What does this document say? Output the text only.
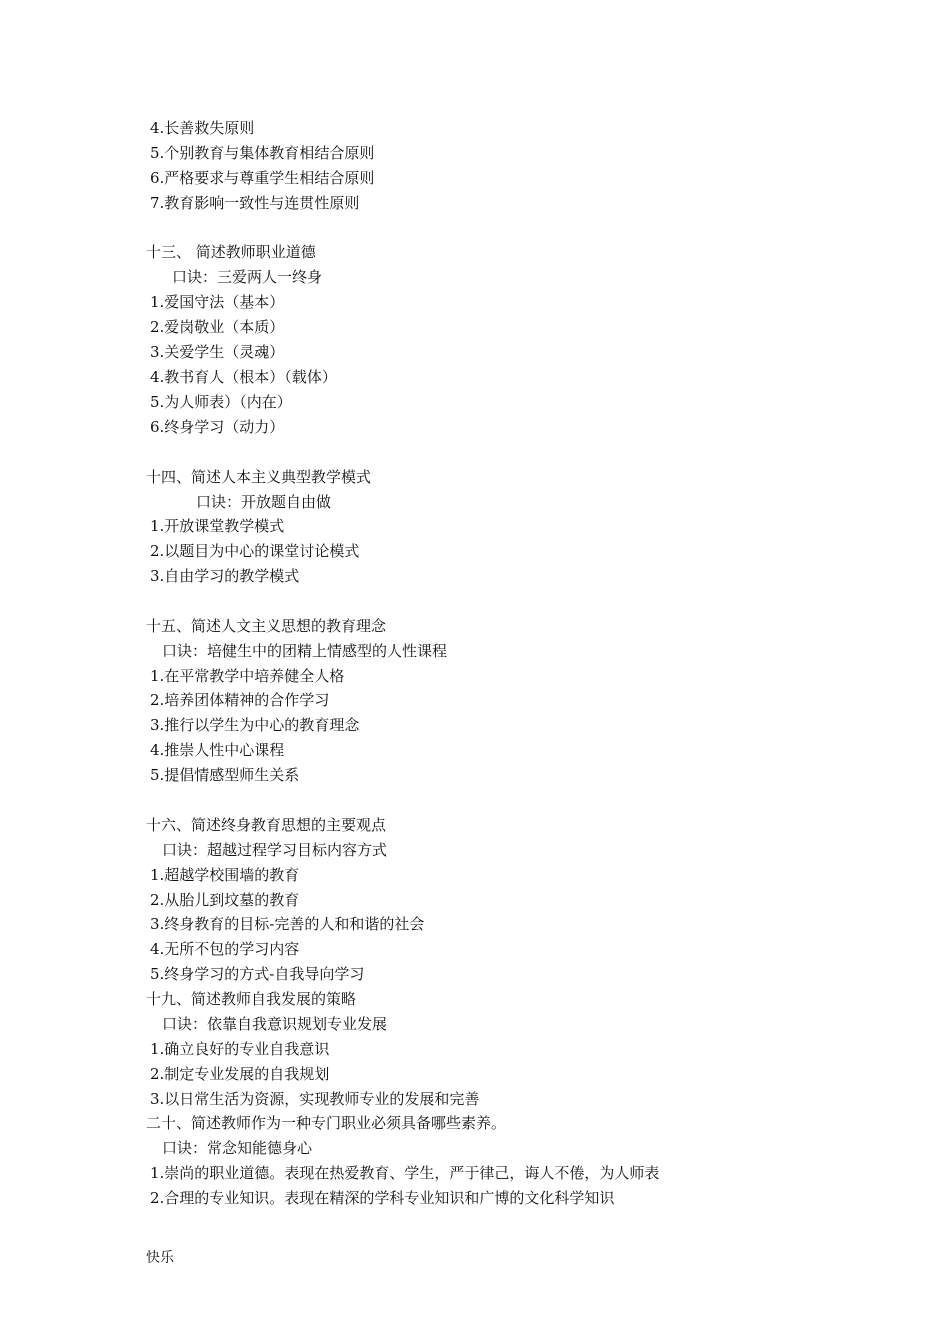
4.长善救失原则
5.个别教育与集体教育相结合原则
6.严格要求与尊重学生相结合原则
7.教育影响一致性与连贯性原则
十三、 简述教师职业道德
口诀：三爱两人一终身
1.爱国守法（基本）
2.爱岗敬业（本质）
3.关爱学生（灵魂）
4.教书育人（根本）（载体）
5.为人师表）（内在）
6.终身学习（动力）
十四、简述人本主义典型教学模式
口诀：开放题自由做
1.开放课堂教学模式
2.以题目为中心的课堂讨论模式
3.自由学习的教学模式
十五、简述人文主义思想的教育理念
口诀：培健生中的团精上情感型的人性课程
1.在平常教学中培养健全人格
2.培养团体精神的合作学习
3.推行以学生为中心的教育理念
4.推崇人性中心课程
5.提倡情感型师生关系
十六、简述终身教育思想的主要观点
口诀：超越过程学习目标内容方式
1.超越学校围墙的教育
2.从胎儿到坟墓的教育
3.终身教育的目标-完善的人和和谐的社会
4.无所不包的学习内容
5.终身学习的方式-自我导向学习
十九、简述教师自我发展的策略
口诀：依靠自我意识规划专业发展
1.确立良好的专业自我意识
2.制定专业发展的自我规划
3.以日常生活为资源，实现教师专业的发展和完善
二十、简述教师作为一种专门职业必须具备哪些素养。
口诀：常念知能德身心
1.崇尚的职业道德。表现在热爱教育、学生，严于律己，诲人不倦，为人师表
2.合理的专业知识。表现在精深的学科专业知识和广博的文化科学知识
快乐
